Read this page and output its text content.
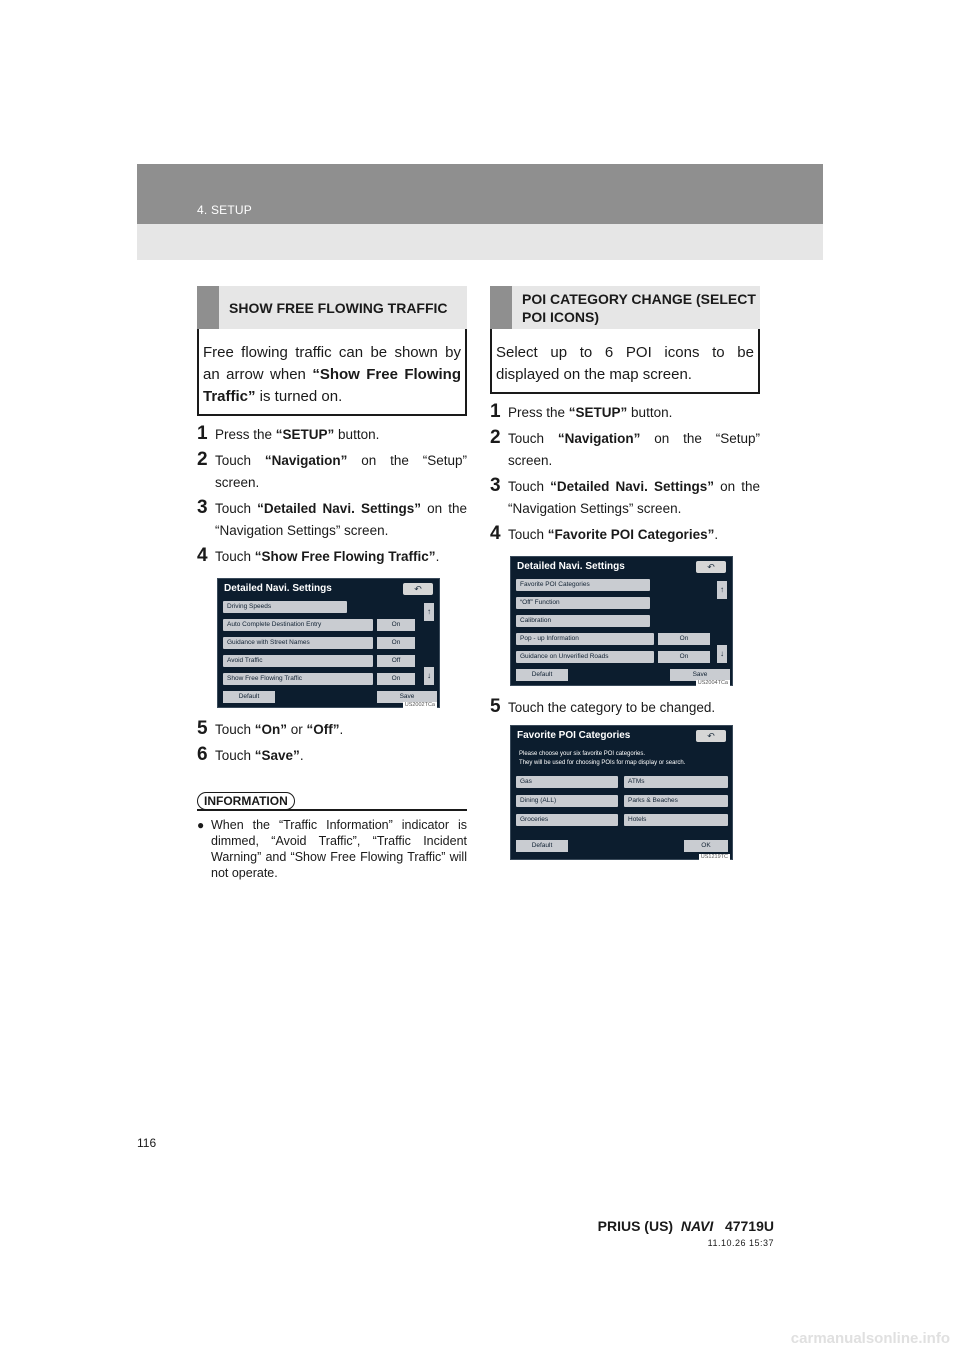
4. SETUP
SHOW FREE FLOWING TRAFFIC
Free flowing traffic can be shown by an arrow when “Show Free Flowing Traffic” is turned on.
1 Press the “SETUP” button.
2 Touch “Navigation” on the “Setup” screen.
3 Touch “Detailed Navi. Settings” on the “Navigation Settings” screen.
4 Touch “Show Free Flowing Traffic”.
Detailed Navi. Settings	↶
Driving Speeds
Auto Complete Destination Entry	On
Guidance with Street Names	On
Avoid Traffic	Off
Show Free Flowing Traffic	On
↑
↓
Default	Save
US2002TCa
5 Touch “On” or “Off”.
6 Touch “Save”.
INFORMATION
● When the “Traffic Information” indicator is dimmed, “Avoid Traffic”, “Traffic Incident Warning” and “Show Free Flowing Traffic” will not operate.
POI CATEGORY CHANGE (SELECT POI ICONS)
Select up to 6 POI icons to be displayed on the map screen.
1 Press the “SETUP” button.
2 Touch “Navigation” on the “Setup” screen.
3 Touch “Detailed Navi. Settings” on the “Navigation Settings” screen.
4 Touch “Favorite POI Categories”.
Detailed Navi. Settings	↶
Favorite POI Categories
“Off” Function
Calibration
Pop - up Information	On
Guidance on Unverified Roads	On
↑
↓
Default	Save
US2004TCa
5 Touch the category to be changed.
Favorite POI Categories	↶
Please choose your six favorite POI categories.
They will be used for choosing POIs for map display or search.
Gas	ATMs
Dining (ALL)	Parks & Beaches
Groceries	Hotels
Default	OK
US1219TC
116
PRIUS (US) NAVI 47719U
11.10.26 15:37
carmanualsonline.info
